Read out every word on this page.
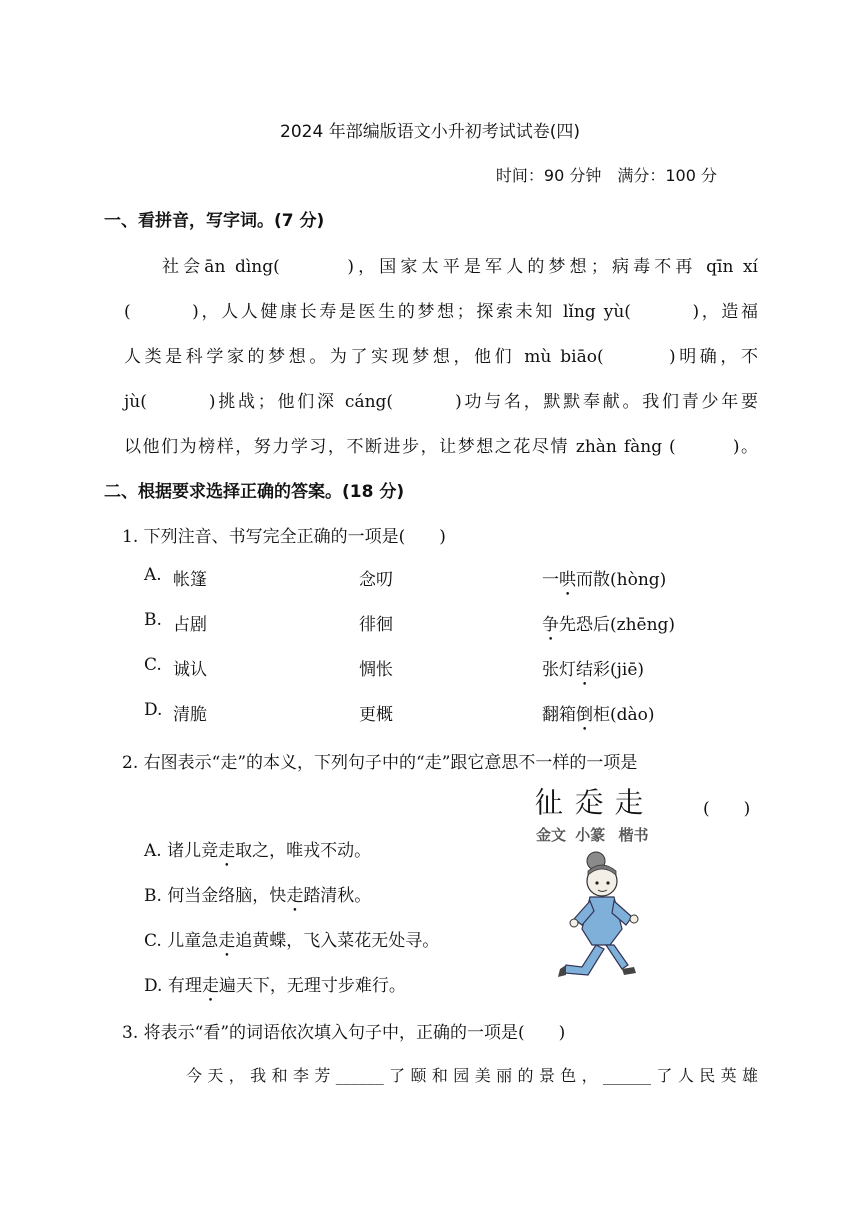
2024 年部编版语文小升初考试试卷(四)
时间：90 分钟　满分：100 分
一、看拼音，写字词。(7 分)
社会ān dìng(　　　)，国家太平是军人的梦想；病毒不再 qīn xí
(　　　)，人人健康长寿是医生的梦想；探索未知 lǐng yù(　　　)，造福
人类是科学家的梦想。为了实现梦想，他们 mù biāo(　　　)明确，不
jù(　　　)挑战；他们深 cáng(　　　)功与名，默默奉献。我们青少年要
以他们为榜样，努力学习，不断进步，让梦想之花尽情 zhàn fàng (　　　)。
二、根据要求选择正确的答案。(18 分)
1. 下列注音、书写完全正确的一项是(　　)
A. 帐篷	念叨	一哄而散(hòng)
B. 占剧	徘徊	争先恐后(zhēng)
C. 诚认	惆怅	张灯结彩(jiē)
D. 清脆	更概	翻箱倒柜(dào)
2. 右图表示“走”的本义，下列句子中的“走”跟它意思不一样的一项是
(　　)
𢓊𧺆走
金文 小篆 楷书
A. 诸儿竞走取之，唯戎不动。
B. 何当金络脑，快走踏清秋。
C. 儿童急走追黄蝶，飞入菜花无处寻。
D. 有理走遍天下，无理寸步难行。
3. 将表示“看”的词语依次填入句子中，正确的一项是(　　)
今天，我和李芳______了颐和园美丽的景色，______了人民英雄
